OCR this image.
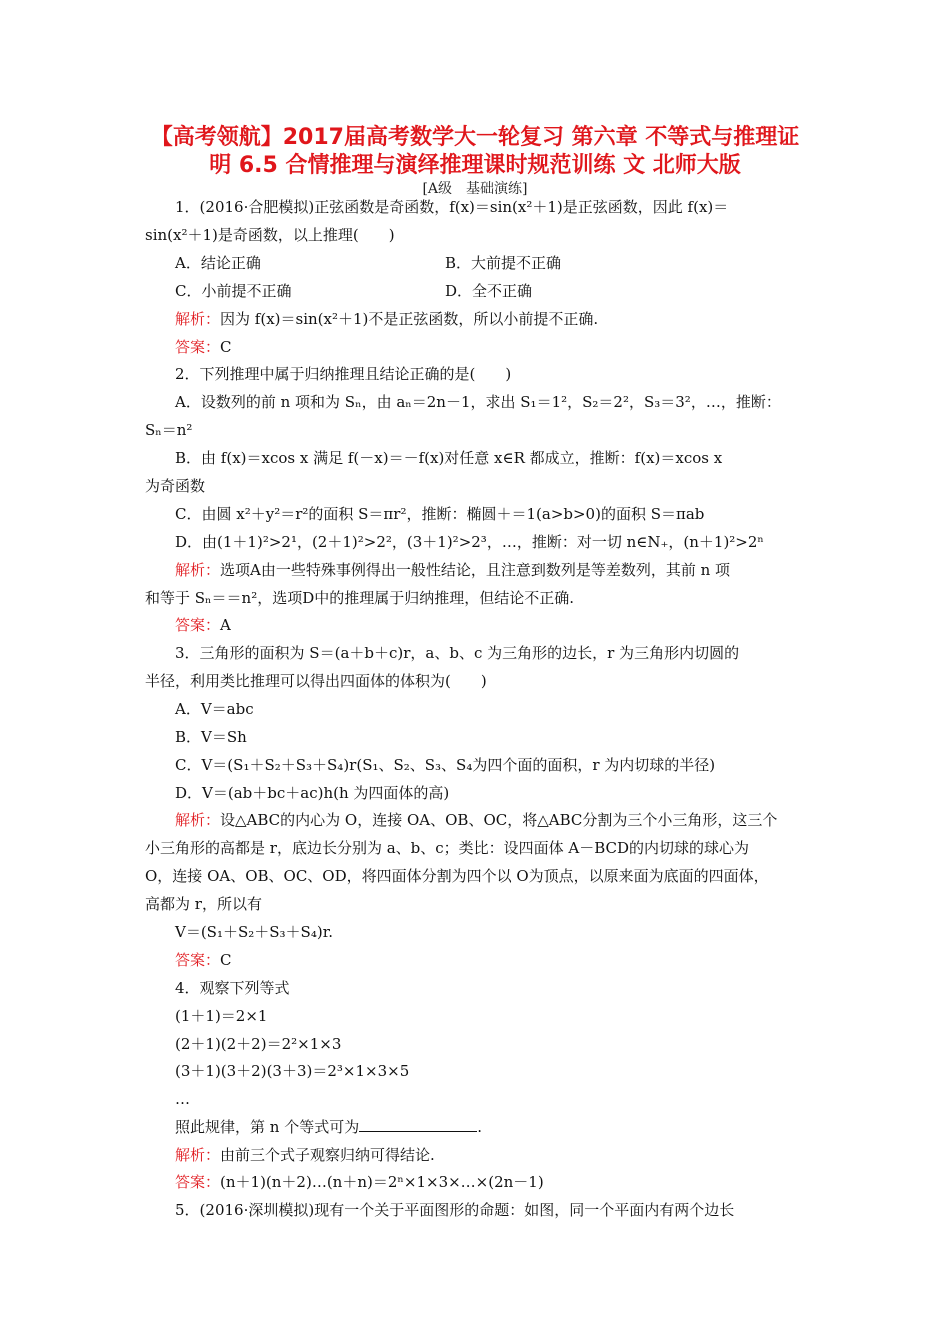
【高考领航】2017届高考数学大一轮复习 第六章 不等式与推理证
明 6.5 合情推理与演绎推理课时规范训练 文 北师大版
[A级　基础演练]
1．(2016·合肥模拟)正弦函数是奇函数，f(x)＝sin(x²＋1)是正弦函数，因此 f(x)＝
sin(x²＋1)是奇函数，以上推理(　　)
A．结论正确	B．大前提不正确
C．小前提不正确	D．全不正确
解析：因为 f(x)＝sin(x²＋1)不是正弦函数，所以小前提不正确.
答案：C
2．下列推理中属于归纳推理且结论正确的是(　　)
A．设数列的前 n 项和为 Sₙ，由 aₙ＝2n－1，求出 S₁＝1²，S₂＝2²，S₃＝3²，…，推断：
Sₙ＝n²
B．由 f(x)＝xcos x 满足 f(－x)＝－f(x)对任意 x∈R 都成立，推断：f(x)＝xcos x
为奇函数
C．由圆 x²＋y²＝r²的面积 S＝πr²，推断：椭圆＋＝1(a>b>0)的面积 S＝πab
D．由(1＋1)²>2¹，(2＋1)²>2²，(3＋1)²>2³，…，推断：对一切 n∈N₊，(n＋1)²>2ⁿ
解析：选项A由一些特殊事例得出一般性结论，且注意到数列是等差数列，其前 n 项
和等于 Sₙ＝＝n²，选项D中的推理属于归纳推理，但结论不正确.
答案：A
3．三角形的面积为 S＝(a＋b＋c)r，a、b、c 为三角形的边长，r 为三角形内切圆的
半径，利用类比推理可以得出四面体的体积为(　　)
A．V＝abc
B．V＝Sh
C．V＝(S₁＋S₂＋S₃＋S₄)r(S₁、S₂、S₃、S₄为四个面的面积，r 为内切球的半径)
D．V＝(ab＋bc＋ac)h(h 为四面体的高)
解析：设△ABC的内心为 O，连接 OA、OB、OC，将△ABC分割为三个小三角形，这三个
小三角形的高都是 r，底边长分别为 a、b、c；类比：设四面体 A－BCD的内切球的球心为
O，连接 OA、OB、OC、OD，将四面体分割为四个以 O为顶点，以原来面为底面的四面体，
高都为 r，所以有
V＝(S₁＋S₂＋S₃＋S₄)r.
答案：C
4．观察下列等式
(1＋1)＝2×1
(2＋1)(2＋2)＝2²×1×3
(3＋1)(3＋2)(3＋3)＝2³×1×3×5
…
照此规律，第 n 个等式可为	.
解析：由前三个式子观察归纳可得结论.
答案：(n＋1)(n＋2)…(n＋n)＝2ⁿ×1×3×…×(2n－1)
5．(2016·深圳模拟)现有一个关于平面图形的命题：如图，同一个平面内有两个边长
